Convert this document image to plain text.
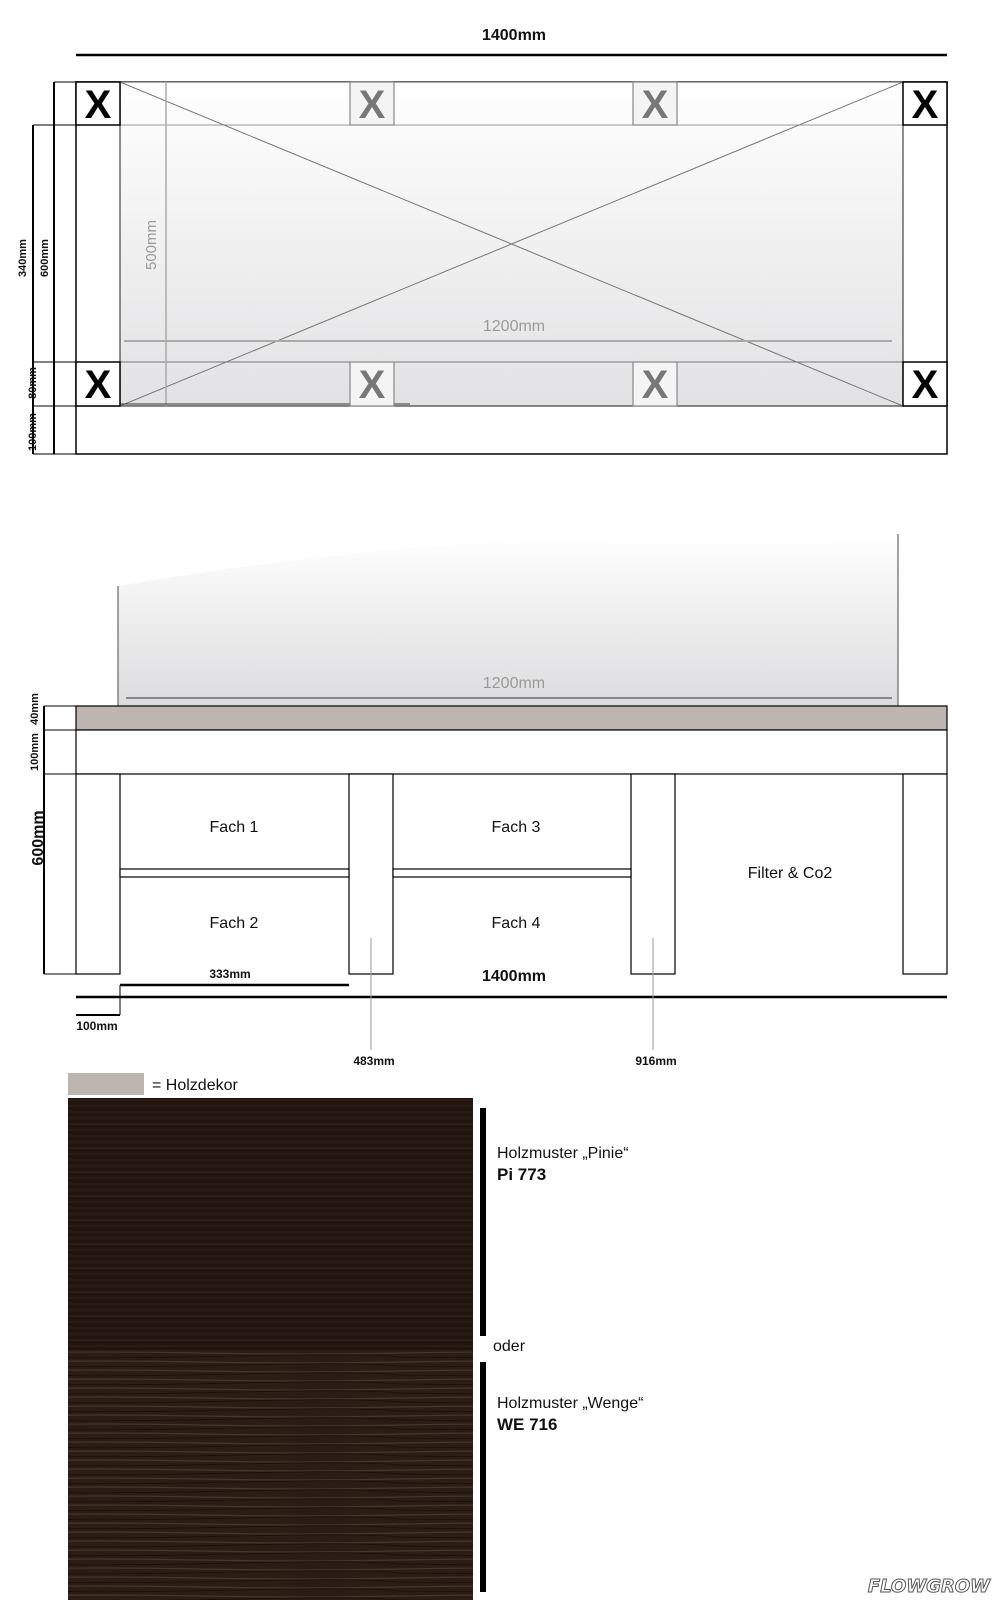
1400mm
500mm
1200mm
X	X
X	X
X	X
X	X
340mm 600mm
80mm
100mm
1200mm
Fach 1
Fach 2
Fach 3
Fach 4
Filter & Co2
40mm
100mm
600mm
333mm	1400mm
100mm
483mm	916mm
= Holzdekor
Holzmuster „Pinie“
Pi 773
oder
Holzmuster „Wenge“
WE 716
FLOWGROW
